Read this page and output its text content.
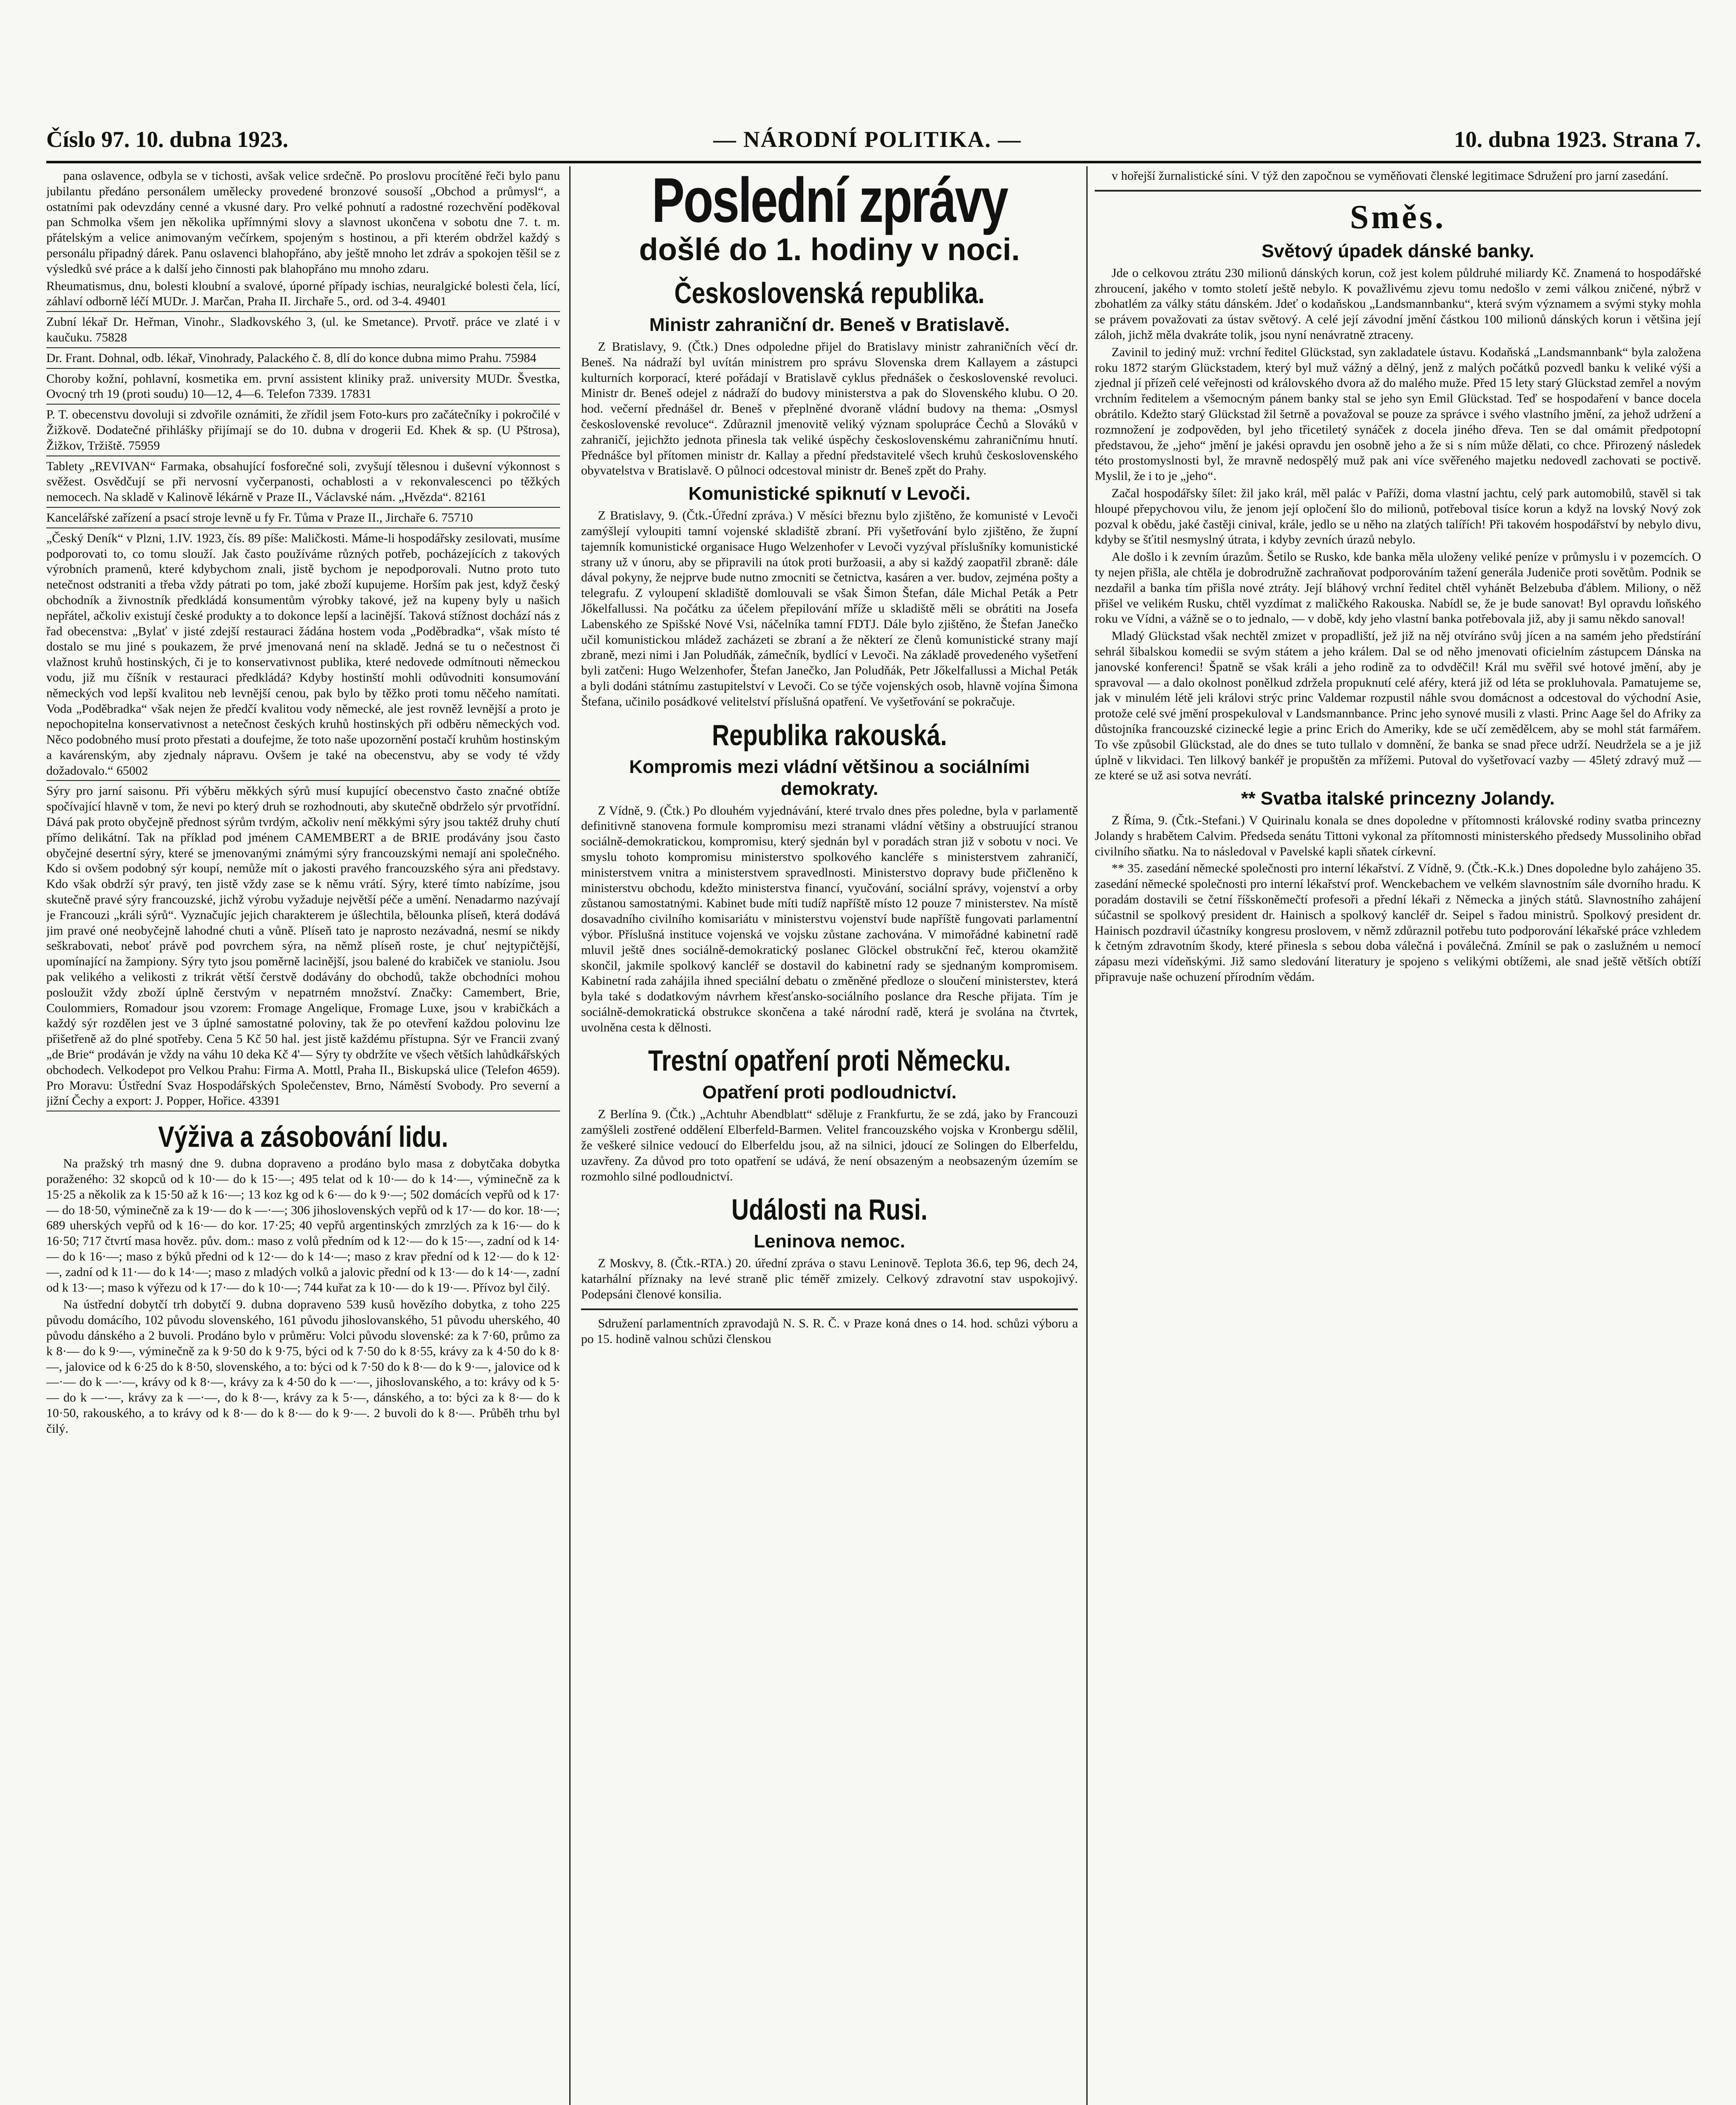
Číslo 97. 10. dubna 1923.	— NÁRODNÍ POLITIKA. —	10. dubna 1923. Strana 7.

pana oslavence, odbyla se v tichosti, avšak velice srdečně. Po proslovu procítěné řeči bylo panu jubilantu předáno personálem umělecky provedené bronzové sousoší „Obchod a průmysl“, a ostatními pak odevzdány cenné a vkusné dary. Pro velké pohnutí a radostné rozechvění poděkoval pan Schmolka všem jen několika upřímnými slovy a slavnost ukončena v sobotu dne 7. t. m. přátelským a velice animovaným večírkem, spojeným s hostinou, a při kterém obdržel každý s personálu připadný dárek. Panu oslavenci blahopřáno, aby ještě mnoho let zdráv a spokojen těšil se z výsledků své práce a k další jeho činnosti pak blahopřáno mu mnoho zdaru.

Rheumatismus, dnu, bolesti kloubní a svalové, úporné případy ischias, neuralgické bolesti čela, lící, záhlaví odborně léčí MUDr. J. Marčan, Praha II. Jirchaře 5., ord. od 3-4. 49401

Zubní lékař Dr. Heřman, Vinohr., Sladkovského 3, (ul. ke Smetance). Prvotř. práce ve zlaté i v kaučuku. 75828

Dr. Frant. Dohnal, odb. lékař, Vinohrady, Palackého č. 8, dlí do konce dubna mimo Prahu. 75984

Choroby kožní, pohlavní, kosmetika em. první assistent kliniky praž. university MUDr. Švestka, Ovocný trh 19 (proti soudu) 10—12, 4—6. Telefon 7339. 17831

P. T. obecenstvu dovoluji si zdvořile oznámiti, že zřídil jsem Foto-kurs pro začátečníky i pokročilé v Žižkově. Dodatečné přihlášky přijímají se do 10. dubna v drogerii Ed. Khek & sp. (U Pštrosa), Žižkov, Tržiště. 75959

Tablety „REVIVAN“ Farmaka, obsahující fosforečné soli, zvyšují tělesnou i duševní výkonnost s svěžest. Osvědčují se při nervosní vyčerpanosti, ochablosti a v rekonvalescenci po těžkých nemocech. Na skladě v Kalinově lékárně v Praze II., Václavské nám. „Hvězda“. 82161

Kancelářské zařízení a psací stroje levně u fy Fr. Tůma v Praze II., Jirchaře 6. 75710

„Český Deník“ v Plzni, 1.IV. 1923, čís. 89 píše: Maličkosti. Máme-li hospodářsky zesilovati, musíme podporovati to, co tomu slouží. Jak často používáme různých potřeb, pocházejících z takových výrobních pramenů, které kdybychom znali, jistě bychom je nepodporovali. Nutno proto tuto netečnost odstraniti a třeba vždy pátrati po tom, jaké zboží kupujeme. Horším pak jest, když český obchodník a živnostník předkládá konsumentům výrobky takové, jež na kupeny byly u našich nepřátel, ačkoliv existují české produkty a to dokonce lepší a lacinější. Taková stížnost dochází nás z řad obecenstva: „Bylať v jisté zdejší restauraci žádána hostem voda „Poděbradka“, však místo té dostalo se mu jiné s poukazem, že prvé jmenovaná není na skladě. Jedná se tu o nečestnost či vlažnost kruhů hostinských, či je to konservativnost publika, které nedovede odmítnouti německou vodu, již mu číšník v restauraci předkládá? Kdyby hostinští mohli odůvodniti konsumování německých vod lepší kvalitou neb levnější cenou, pak bylo by těžko proti tomu něčeho namítati. Voda „Poděbradka“ však nejen že předčí kvalitou vody německé, ale jest rovněž levnější a proto je nepochopitelna konservativnost a netečnost českých kruhů hostinských při odběru německých vod. Něco podobného musí proto přestati a doufejme, že toto naše upozornění postačí kruhům hostinským a kavárenským, aby zjednaly nápravu. Ovšem je také na obecenstvu, aby se vody té vždy dožadovalo.“ 65002

Sýry pro jarní saisonu. Při výběru měkkých sýrů musí kupující obecenstvo často značné obtíže spočívající hlavně v tom, že nevi po který druh se rozhodnouti, aby skutečně obdrželo sýr prvotřídní. Dává pak proto obyčejně přednost sýrům tvrdým, ačkoliv není měkkými sýry jsou taktéž druhy chutí přímo delikátní. Tak na příklad pod jménem CAMEMBERT a de BRIE prodávány jsou často obyčejné desertní sýry, které se jmenovanými známými sýry francouzskými nemají ani společného. Kdo si ovšem podobný sýr koupí, nemůže mít o jakosti pravého francouzského sýra ani představy. Kdo však obdrží sýr pravý, ten jistě vždy zase se k němu vrátí. Sýry, které tímto nabízíme, jsou skutečně pravé sýry francouzské, jichž výrobu vyžaduje největší péče a umění. Nenadarmo nazývají je Francouzi „králi sýrů“. Vyznačujíc jejich charakterem je úšlechtila, bělounka plíseň, která dodává jim pravé oné neobyčejně lahodné chuti a vůně. Plíseň tato je naprosto nezávadná, nesmí se nikdy seškrabovati, neboť právě pod povrchem sýra, na němž plíseň roste, je chuť nejtypičtější, upomínající na žampiony. Sýry tyto jsou poměrně lacinější, jsou balené do krabiček ve staniolu. Jsou pak velikého a velikosti z trikrát větší čerstvě dodávány do obchodů, takže obchodníci mohou posloužit vždy zboží úplně čerstvým v nepatrném množství. Značky: Camembert, Brie, Coulommiers, Romadour jsou vzorem: Fromage Angelique, Fromage Luxe, jsou v krabičkách a každý sýr rozdělen jest ve 3 úplné samostatné poloviny, tak že po otevření každou polovinu lze přišetřeně až do plné spotřeby. Cena 5 Kč 50 hal. jest jistě každému přístupna. Sýr ve Francii zvaný „de Brie“ prodáván je vždy na váhu 10 deka Kč 4'— Sýry ty obdržíte ve všech větších lahůdkářských obchodech. Velkodepot pro Velkou Prahu: Firma A. Mottl, Praha II., Biskupská ulice (Telefon 4659). Pro Moravu: Ústřední Svaz Hospodářských Společenstev, Brno, Náměstí Svobody. Pro severní a jižní Čechy a export: J. Popper, Hořice. 43391

Výživa a zásobování lidu.

Na pražský trh masný dne 9. dubna dopraveno a prodáno bylo masa z dobytčaka dobytka poraženého: 32 skopců od k 10·— do k 15·—; 495 telat od k 10·— do k 14·—, výminečně za k 15·25 a několik za k 15·50 až k 16·—; 13 koz kg od k 6·— do k 9·—; 502 domácích vepřů od k 17·— do 18·50, výminečně za k 19·— do k —·—; 306 jihoslovenských vepřů od k 17·— do kor. 18·—; 689 uherských vepřů od k 16·— do kor. 17·25; 40 vepřů argentinských zmrzlých za k 16·— do k 16·50; 717 čtvrtí masa hověz. pův. dom.: maso z volů předním od k 12·— do k 15·—, zadní od k 14·— do k 16·—; maso z býků předni od k 12·— do k 14·—; maso z krav přední od k 12·— do k 12·—, zadní od k 11·— do k 14·—; maso z mladých volků a jalovic přední od k 13·— do k 14·—, zadní od k 13·—; maso k výřezu od k 17·— do k 10·—; 744 kuřat za k 10·— do k 19·—. Přívoz byl čilý.

Na ústřední dobytčí trh dobytčí 9. dubna dopraveno 539 kusů hovězího dobytka, z toho 225 původu domácího, 102 původu slovenského, 161 původu jihoslovanského, 51 původu uherského, 40 původu dánského a 2 buvoli. Prodáno bylo v průměru: Volci původu slovenské: za k 7·60, průmo za k 8·— do k 9·—, výminečně za k 9·50 do k 9·75, býci od k 7·50 do k 8·55, krávy za k 4·50 do k 8·—, jalovice od k 6·25 do k 8·50, slovenského, a to: býci od k 7·50 do k 8·— do k 9·—, jalovice od k —·— do k —·—, krávy od k 8·—, krávy za k 4·50 do k —·—, jihoslovanského, a to: krávy od k 5·— do k —·—, krávy za k —·—, do k 8·—, krávy za k 5·—, dánského, a to: býci za k 8·— do k 10·50, rakouského, a to krávy od k 8·— do k 8·— do k 9·—. 2 buvoli do k 8·—. Průběh trhu byl čilý.

Poslední zprávy
došlé do 1. hodiny v noci.
Československá republika.
Ministr zahraniční dr. Beneš v Bratislavě.

Z Bratislavy, 9. (Čtk.) Dnes odpoledne přijel do Bratislavy ministr zahraničních věcí dr. Beneš. Na nádraží byl uvítán ministrem pro správu Slovenska drem Kallayem a zástupci kulturních korporací, které pořádají v Bratislavě cyklus přednášek o československé revoluci. Ministr dr. Beneš odejel z nádraží do budovy ministerstva a pak do Slovenského klubu. O 20. hod. večerní přednášel dr. Beneš v přeplněné dvoraně vládní budovy na thema: „Osmysl československé revoluce“. Zdůraznil jmenovitě veliký význam spolupráce Čechů a Slováků v zahraničí, jejichžto jednota přinesla tak veliké úspěchy československému zahraničnímu hnutí. Přednášce byl přítomen ministr dr. Kallay a přední představitelé všech kruhů československého obyvatelstva v Bratislavě. O půlnoci odcestoval ministr dr. Beneš zpět do Prahy.

Komunistické spiknutí v Levoči.

Z Bratislavy, 9. (Čtk.-Úřední zpráva.) V měsíci březnu bylo zjištěno, že komunisté v Levoči zamýšlejí vyloupiti tamní vojenské skladiště zbraní. Při vyšetřování bylo zjištěno, že župní tajemník komunistické organisace Hugo Welzenhofer v Levoči vyzýval příslušníky komunistické strany už v únoru, aby se připravili na útok proti buržoasii, a aby si každý zaopatřil zbraně: dále dával pokyny, že nejprve bude nutno zmocniti se četnictva, kasáren a ver. budov, zejména pošty a telegrafu. Z vyloupení skladiště domlouvali se však Šimon Štefan, dále Michal Peták a Petr Jőkelfallussi. Na počátku za účelem přepilování mříže u skladiště měli se obrátiti na Josefa Labenského ze Spišské Nové Vsi, náčelníka tamní FDTJ. Dále bylo zjištěno, že Štefan Janečko učil komunistickou mládež zacházeti se zbraní a že některí ze členů komunistické strany mají zbraně, mezi nimi i Jan Poludňák, zámečník, bydlící v Levoči. Na základě provedeného vyšetření byli zatčeni: Hugo Welzenhofer, Štefan Janečko, Jan Poludňák, Petr Jőkelfallussi a Michal Peták a byli dodáni státnímu zastupitelství v Levoči. Co se týče vojenských osob, hlavně vojína Šimona Štefana, učinilo posádkové velitelství příslušná opatření. Ve vyšetřování se pokračuje.

Republika rakouská.
Kompromis mezi vládní většinou a sociálními demokraty.

Z Vídně, 9. (Čtk.) Po dlouhém vyjednávání, které trvalo dnes přes poledne, byla v parlamentě definitivně stanovena formule kompromisu mezi stranami vládní většiny a obstruující stranou sociálně-demokratickou, kompromisu, který sjednán byl v poradách stran již v sobotu v noci. Ve smyslu tohoto kompromisu ministerstvo spolkového kancléře s ministerstvem zahraničí, ministerstvem vnitra a ministerstvem spravedlnosti. Ministerstvo dopravy bude přičleněno k ministerstvu obchodu, kdežto ministerstva financí, vyučování, sociální správy, vojenství a orby zůstanou samostatnými. Kabinet bude míti tudíž napříště místo 12 pouze 7 ministerstev. Na místě dosavadního civilního komisariátu v ministerstvu vojenství bude napříště fungovati parlamentní výbor. Příslušná instituce vojenská ve vojsku zůstane zachována. V mimořádné kabinetní radě mluvil ještě dnes sociálně-demokratický poslanec Glöckel obstrukční řeč, kterou okamžitě skončil, jakmile spolkový kancléř se dostavil do kabinetní rady se sjednaným kompromisem. Kabinetní rada zahájila ihned speciální debatu o změněné předloze o sloučení ministerstev, která byla také s dodatkovým návrhem křesťansko-sociálního poslance dra Resche přijata. Tím je sociálně-demokratická obstrukce skončena a také národní radě, která je svolána na čtvrtek, uvolněna cesta k dělnosti.

Trestní opatření proti Německu.
Opatření proti podloudnictví.

Z Berlína 9. (Čtk.) „Achtuhr Abendblatt“ sděluje z Frankfurtu, že se zdá, jako by Francouzi zamýšleli zostřené oddělení Elberfeld-Barmen. Velitel francouzského vojska v Kronbergu sdělil, že veškeré silnice vedoucí do Elberfeldu jsou, až na silnici, jdoucí ze Solingen do Elberfeldu, uzavřeny. Za důvod pro toto opatření se udává, že není obsazeným a neobsazeným územím se rozmohlo silné podloudnictví.

Události na Rusi.
Leninova nemoc.

Z Moskvy, 8. (Čtk.-RTA.) 20. úřední zpráva o stavu Leninově. Teplota 36.6, tep 96, dech 24, katarhální příznaky na levé straně plic téměř zmizely. Celkový zdravotní stav uspokojivý. Podepsáni členové konsilia.

Sdružení parlamentních zpravodajů N. S. R. Č. v Praze koná dnes o 14. hod. schůzi výboru a po 15. hodině valnou schůzi členskou

v hořejší žurnalistické síni. V týž den započnou se vyměňovati členské legitimace Sdružení pro jarní zasedání.

Směs.
Světový úpadek dánské banky.

Jde o celkovou ztrátu 230 milionů dánských korun, což jest kolem půldruhé miliardy Kč. Znamená to hospodářské zhroucení, jakého v tomto století ještě nebylo. K považlivému zjevu tomu nedošlo v zemi válkou zničené, nýbrž v zbohatlém za války státu dánském. Jdeť o kodaňskou „Landsmannbanku“, která svým významem a svými styky mohla se právem považovati za ústav světový. A celé její závodní jmění částkou 100 milionů dánských korun i většina její záloh, jichž měla dvakráte tolik, jsou nyní nenávratně ztraceny.

Zavinil to jediný muž: vrchní ředitel Glückstad, syn zakladatele ústavu. Kodaňská „Landsmannbank“ byla založena roku 1872 starým Glückstadem, který byl muž vážný a dělný, jenž z malých počátků pozvedl banku k veliké výši a zjednal jí přízeň celé veřejnosti od královského dvora až do malého muže. Před 15 lety starý Glückstad zemřel a novým vrchním ředitelem a všemocným pánem banky stal se jeho syn Emil Glückstad. Teď se hospodaření v bance docela obrátilo. Kdežto starý Glückstad žil šetrně a považoval se pouze za správce i svého vlastního jmění, za jehož udržení a rozmnožení je zodpověden, byl jeho třicetiletý synáček z docela jiného dřeva. Ten se dal omámit předpotopní představou, že „jeho“ jmění je jakési opravdu jen osobně jeho a že si s ním může dělati, co chce. Přirozený následek této prostomyslnosti byl, že mravně nedospělý muž pak ani více svěřeného majetku nedovedl zachovati se poctivě. Myslil, že i to je „jeho“.

Začal hospodářsky šílet: žil jako král, měl palác v Paříži, doma vlastní jachtu, celý park automobilů, stavěl si tak hloupé přepychovou vilu, že jenom její opločení šlo do milionů, potřeboval tisíce korun a když na lovský Nový zok pozval k obědu, jaké častěji cinival, krále, jedlo se u něho na zlatých talířích! Při takovém hospodářství by nebylo divu, kdyby se šťitil nesmyslný útrata, i kdyby zevních úrazů nebylo.

Ale došlo i k zevním úrazům. Šetilo se Rusko, kde banka měla uloženy veliké peníze v průmyslu i v pozemcích. O ty nejen přišla, ale chtěla je dobrodružně zachraňovat podporováním tažení generála Judeniče proti sovětům. Podnik se nezdařil a banka tím přišla nové ztráty. Její bláhový vrchní ředitel chtěl vyhánět Belzebuba ďáblem. Miliony, o něž přišel ve velikém Rusku, chtěl vyzdímat z maličkého Rakouska. Nabídl se, že je bude sanovat! Byl opravdu loňského roku ve Vídni, a vážně se o to jednalo, — v době, kdy jeho vlastní banka potřebovala již, aby ji samu někdo sanoval!

Mladý Glückstad však nechtěl zmizet v propadliští, jež již na něj otvíráno svůj jícen a na samém jeho předstírání sehrál šibalskou komedii se svým státem a jeho králem. Dal se od něho jmenovati oficielním zástupcem Dánska na janovské konferenci! Špatně se však králi a jeho rodině za to odvděčil! Král mu svěřil své hotové jmění, aby je spravoval — a dalo okolnost ponělkud zdržela propuknutí celé aféry, která již od léta se prokluhovala. Pamatujeme se, jak v minulém létě jeli královi strýc princ Valdemar rozpustil náhle svou domácnost a odcestoval do východní Asie, protože celé své jmění prospekuloval v Landsmannbance. Princ jeho synové musili z vlasti. Princ Aage šel do Afriky za důstojníka francouzské cizinecké legie a princ Erich do Ameriky, kde se učí zemědělcem, aby se mohl stát farmářem. To vše způsobil Glückstad, ale do dnes se tuto tullalo v domnění, že banka se snad přece udrží. Neudržela se a je již úplně v likvidaci. Ten lilkový bankéř je propuštěn za mřížemi. Putoval do vyšetřovací vazby — 45letý zdravý muž — ze které se už asi sotva nevrátí.

** Svatba italské princezny Jolandy.

Z Říma, 9. (Čtk.-Stefani.) V Quirinalu konala se dnes dopoledne v přítomnosti královské rodiny svatba princezny Jolandy s hrabětem Calvim. Předseda senátu Tittoni vykonal za přítomnosti ministerského předsedy Mussoliniho obřad civilního sňatku. Na to následoval v Pavelské kapli sňatek církevní.

** 35. zasedání německé společnosti pro interní lékařství. Z Vídně, 9. (Čtk.-K.k.) Dnes dopoledne bylo zahájeno 35. zasedání německé společnosti pro interní lékařství prof. Wenckebachem ve velkém slavnostním sále dvorního hradu. K poradám dostavili se četní říšskoněmečtí profesoři a přední lékaři z Německa a jiných států. Slavnostního zahájení súčastnil se spolkový president dr. Hainisch a spolkový kancléř dr. Seipel s řadou ministrů. Spolkový president dr. Hainisch pozdravil účastníky kongresu proslovem, v němž zdůraznil potřebu tuto podporování lékařské práce vzhledem k četným zdravotním škody, které přinesla s sebou doba válečná i poválečná. Zmínil se pak o zaslužném u nemocí zápasu mezi vídeňskými. Již samo sledování literatury je spojeno s velikými obtížemi, ale snad ještě větších obtíží připravuje naše ochuzení přírodním vědám.
